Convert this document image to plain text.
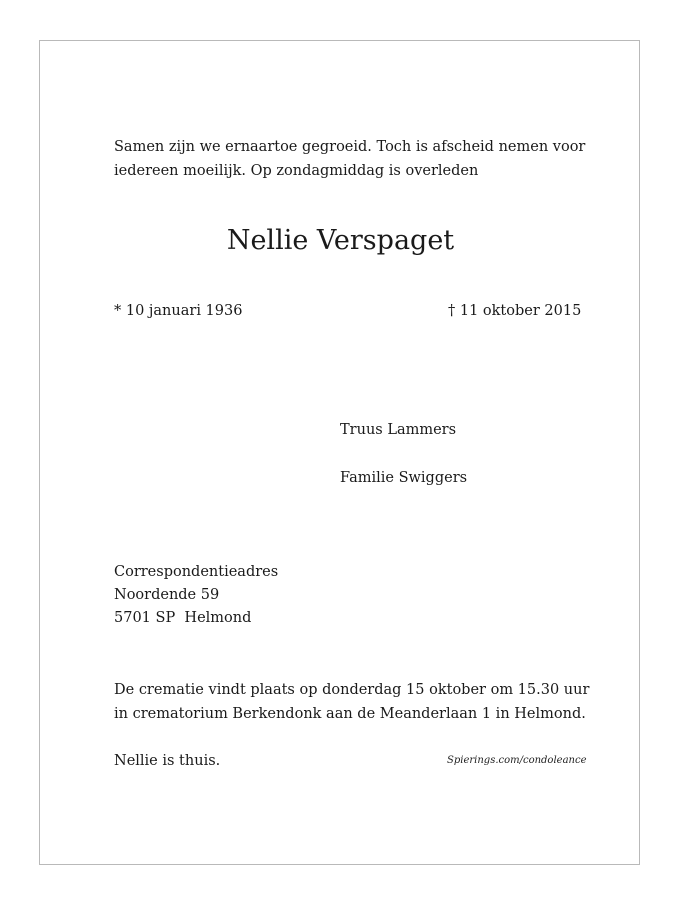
Samen zijn we ernaartoe gegroeid. Toch is afscheid nemen voor
iedereen moeilijk. Op zondagmiddag is overleden
Nellie Verspaget
* 10 januari 1936	† 11 oktober 2015
Truus Lammers
Familie Swiggers
Correspondentieadres
Noordende 59
5701 SP  Helmond
De crematie vindt plaats op donderdag 15 oktober om 15.30 uur
in crematorium Berkendonk aan de Meanderlaan 1 in Helmond.
Nellie is thuis.	Spierings.com/condoleance
